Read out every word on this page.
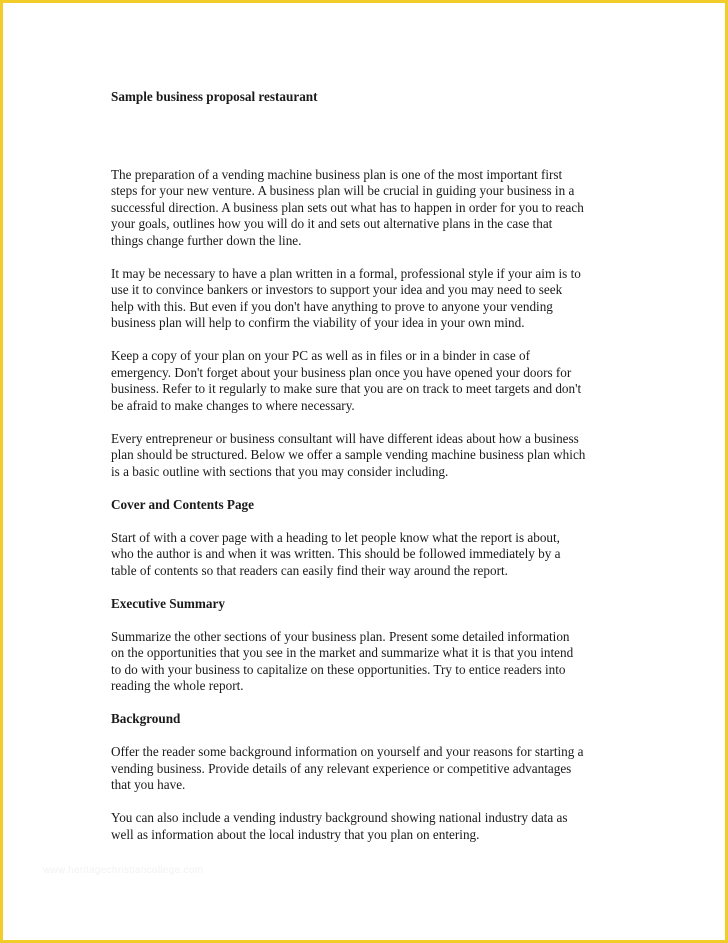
Sample business proposal restaurant
The preparation of a vending machine business plan is one of the most important first
steps for your new venture. A business plan will be crucial in guiding your business in a
successful direction. A business plan sets out what has to happen in order for you to reach
your goals, outlines how you will do it and sets out alternative plans in the case that
things change further down the line.
It may be necessary to have a plan written in a formal, professional style if your aim is to
use it to convince bankers or investors to support your idea and you may need to seek
help with this. But even if you don't have anything to prove to anyone your vending
business plan will help to confirm the viability of your idea in your own mind.
Keep a copy of your plan on your PC as well as in files or in a binder in case of
emergency. Don't forget about your business plan once you have opened your doors for
business. Refer to it regularly to make sure that you are on track to meet targets and don't
be afraid to make changes to where necessary.
Every entrepreneur or business consultant will have different ideas about how a business
plan should be structured. Below we offer a sample vending machine business plan which
is a basic outline with sections that you may consider including.
Cover and Contents Page
Start of with a cover page with a heading to let people know what the report is about,
who the author is and when it was written. This should be followed immediately by a
table of contents so that readers can easily find their way around the report.
Executive Summary
Summarize the other sections of your business plan. Present some detailed information
on the opportunities that you see in the market and summarize what it is that you intend
to do with your business to capitalize on these opportunities. Try to entice readers into
reading the whole report.
Background
Offer the reader some background information on yourself and your reasons for starting a
vending business. Provide details of any relevant experience or competitive advantages
that you have.
You can also include a vending industry background showing national industry data as
well as information about the local industry that you plan on entering.
www.heritagechristiancollege.com
